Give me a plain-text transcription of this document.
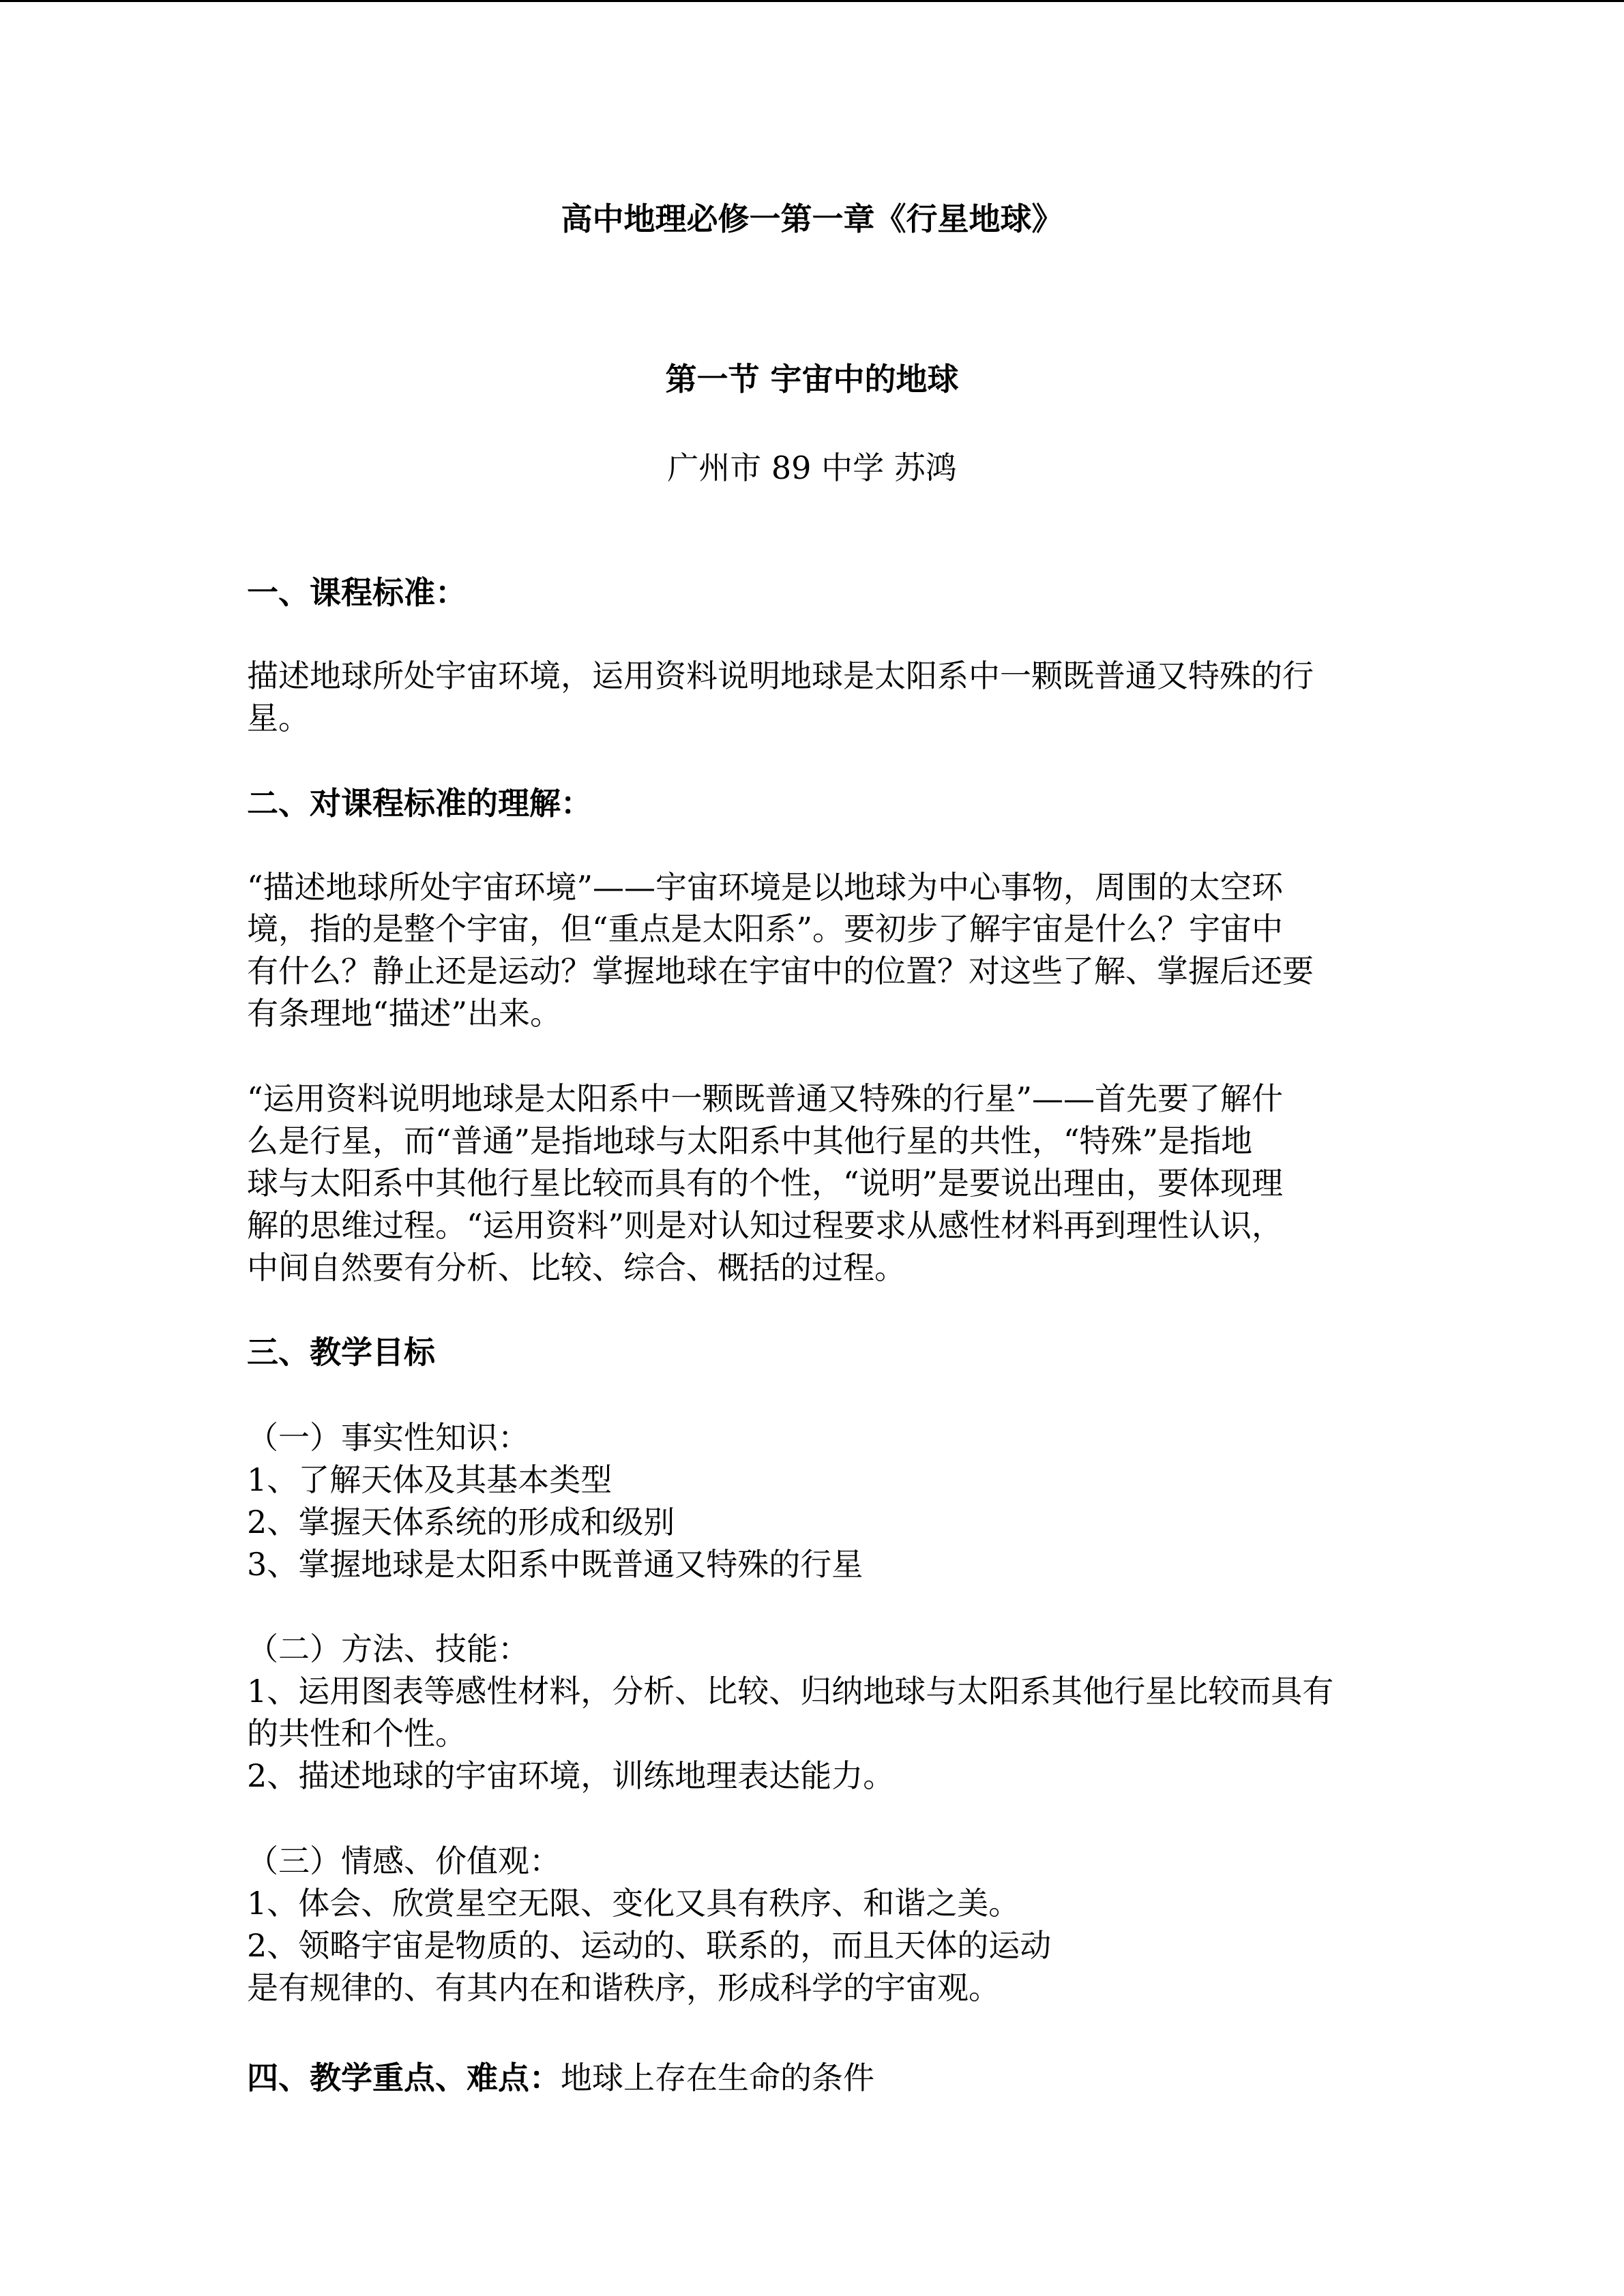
高中地理必修一第一章《行星地球》
第一节 宇宙中的地球
广州市 89 中学 苏鸿
一、课程标准：
描述地球所处宇宙环境，运用资料说明地球是太阳系中一颗既普通又特殊的行
星。
二、对课程标准的理解：
“描述地球所处宇宙环境”——宇宙环境是以地球为中心事物，周围的太空环
境，指的是整个宇宙，但“重点是太阳系”。要初步了解宇宙是什么？宇宙中
有什么？静止还是运动？掌握地球在宇宙中的位置？对这些了解、掌握后还要
有条理地“描述”出来。
“运用资料说明地球是太阳系中一颗既普通又特殊的行星”——首先要了解什
么是行星，而“普通”是指地球与太阳系中其他行星的共性，“特殊”是指地
球与太阳系中其他行星比较而具有的个性，“说明”是要说出理由，要体现理
解的思维过程。“运用资料”则是对认知过程要求从感性材料再到理性认识，
中间自然要有分析、比较、综合、概括的过程。
三、教学目标
（一）事实性知识：
1、了解天体及其基本类型
2、掌握天体系统的形成和级别
3、掌握地球是太阳系中既普通又特殊的行星
（二）方法、技能：
1、运用图表等感性材料，分析、比较、归纳地球与太阳系其他行星比较而具有
的共性和个性。
2、描述地球的宇宙环境，训练地理表达能力。
（三）情感、价值观：
1、体会、欣赏星空无限、变化又具有秩序、和谐之美。
2、领略宇宙是物质的、运动的、联系的，而且天体的运动
是有规律的、有其内在和谐秩序，形成科学的宇宙观。
四、教学重点、难点：地球上存在生命的条件
